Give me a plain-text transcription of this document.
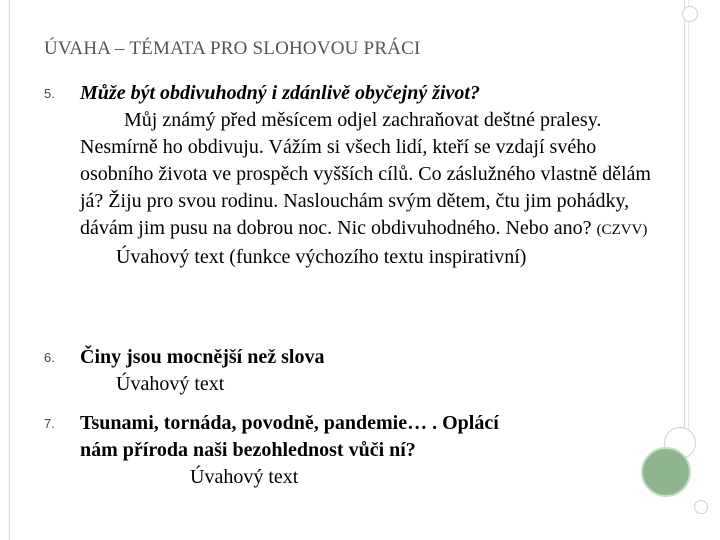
ÚVAHA – TÉMATA PRO SLOHOVOU PRÁCI
5. Může být obdivuhodný i zdánlivě obyčejný život?
Můj známý před měsícem odjel zachraňovat deštné pralesy. Nesmírně ho obdivuju. Vážím si všech lidí, kteří se vzdají svého osobního života ve prospěch vyšších cílů. Co záslužného vlastně dělám já? Žiju pro svou rodinu. Naslouchám svým dětem, čtu jim pohádky, dávám jim pusu na dobrou noc. Nic obdivuhodného. Nebo ano? (CZVV)
Úvahový text (funkce výchozího textu inspirativní)
6. Činy jsou mocnější než slova
Úvahový text
7. Tsunami, tornáda, povodně, pandemie… . Oplácí
nám příroda naši bezohlednost vůči ní?
Úvahový text
